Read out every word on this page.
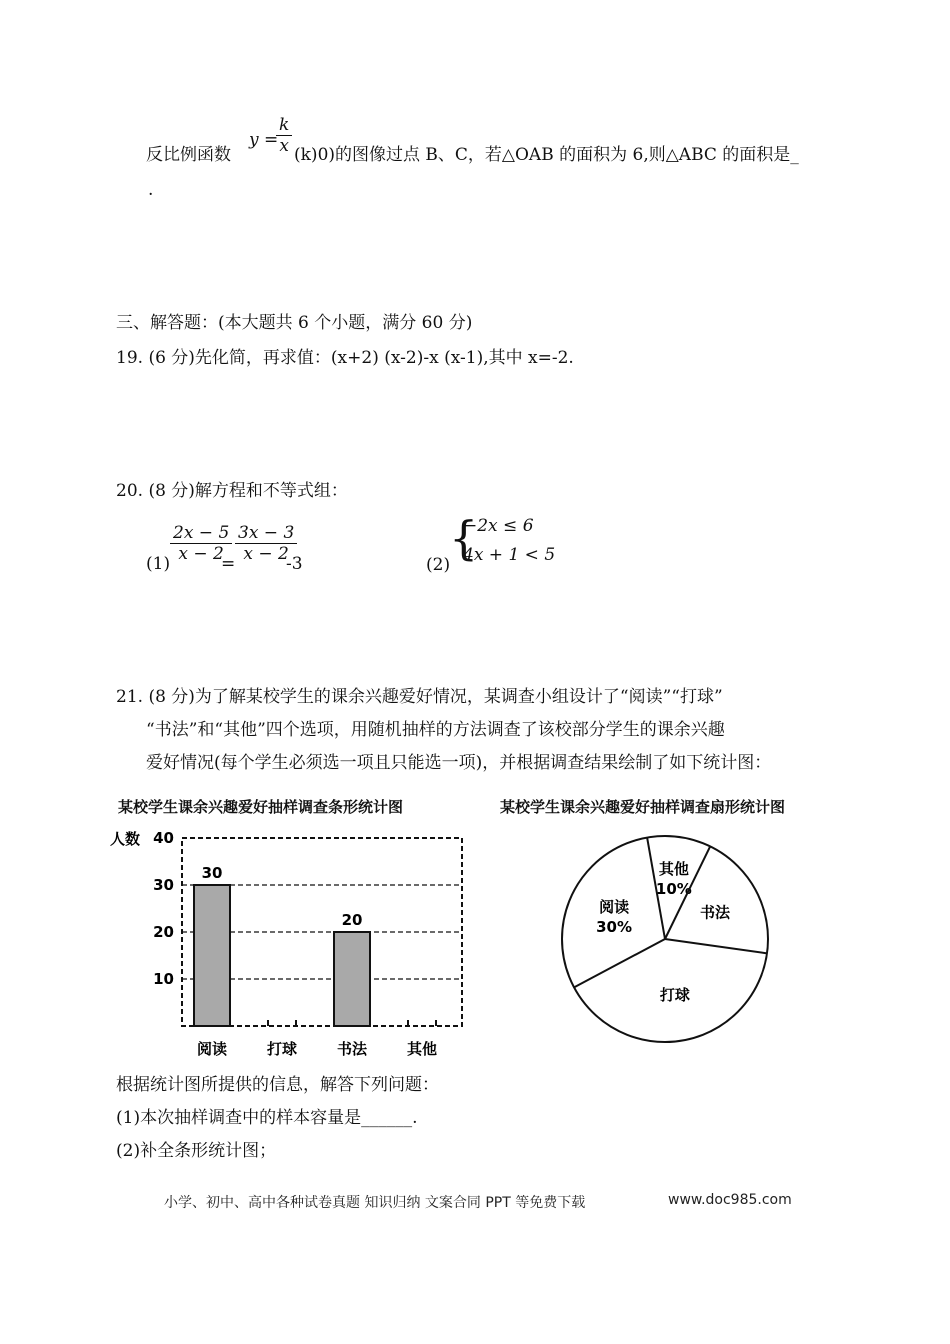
反比例函数
y =
$\frac{k}{x} (k)0$)的图像过点 B、C，若△OAB 的面积为 6,则△ABC 的面积是_
.
三、解答题：(本大题共 6 个小题，满分 60 分)
19. (6 分)先化简，再求值：(x+2) (x-2)-x (x-1),其中 x=-2.
20. (8 分)解方程和不等式组：
$(1) \frac{2x - 5}{x - 2}$
= $\frac{3x - 3}{x - 2}$
-3	(2)
{
−2x ≤ 6
4x + 1 < 5
21. (8 分)为了解某校学生的课余兴趣爱好情况，某调查小组设计了“阅读”“打球”
“书法”和“其他”四个选项，用随机抽样的方法调查了该校部分学生的课余兴趣
爱好情况(每个学生必须选一项且只能选一项)，并根据调查结果绘制了如下统计图：
某校学生课余兴趣爱好抽样调查条形统计图	某校学生课余兴趣爱好抽样调查扇形统计图
人数
10
20
30
40
30
阅读	打球
20
书法	其他
其他
10%
书法
打球
阅读
30%
根据统计图所提供的信息，解答下列问题：
(1)本次抽样调查中的样本容量是______.
(2)补全条形统计图；
小学、初中、高中各种试卷真题 知识归纳 文案合同 PPT 等免费下载	www.doc985.com
